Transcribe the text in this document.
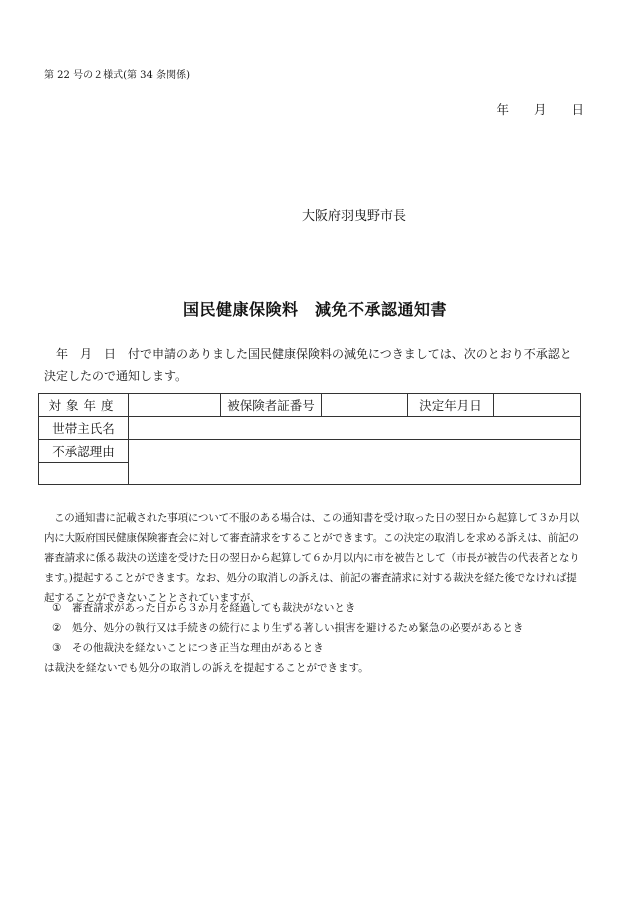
第 22 号の２様式(第 34 条関係)
年　　月　　日
大阪府羽曳野市長
国民健康保険料　減免不承認通知書
年　月　日　付で申請のありました国民健康保険料の減免につきましては、次のとおり不承認と決定したので通知します。
対象年度		被保険者証番号		決定年月日	
世帯主氏名					
不承認理由					

この通知書に記載された事項について不服のある場合は、この通知書を受け取った日の翌日から起算して３か月以内に大阪府国民健康保険審査会に対して審査請求をすることができます。この決定の取消しを求める訴えは、前記の審査請求に係る裁決の送達を受けた日の翌日から起算して６か月以内に市を被告として（市長が被告の代表者となります。)提起することができます。なお、処分の取消しの訴えは、前記の審査請求に対する裁決を経た後でなければ提起することができないこととされていますが、
①	審査請求があった日から３か月を経過しても裁決がないとき
②	処分、処分の執行又は手続きの続行により生ずる著しい損害を避けるため緊急の必要があるとき
③	その他裁決を経ないことにつき正当な理由があるとき
は裁決を経ないでも処分の取消しの訴えを提起することができます。
